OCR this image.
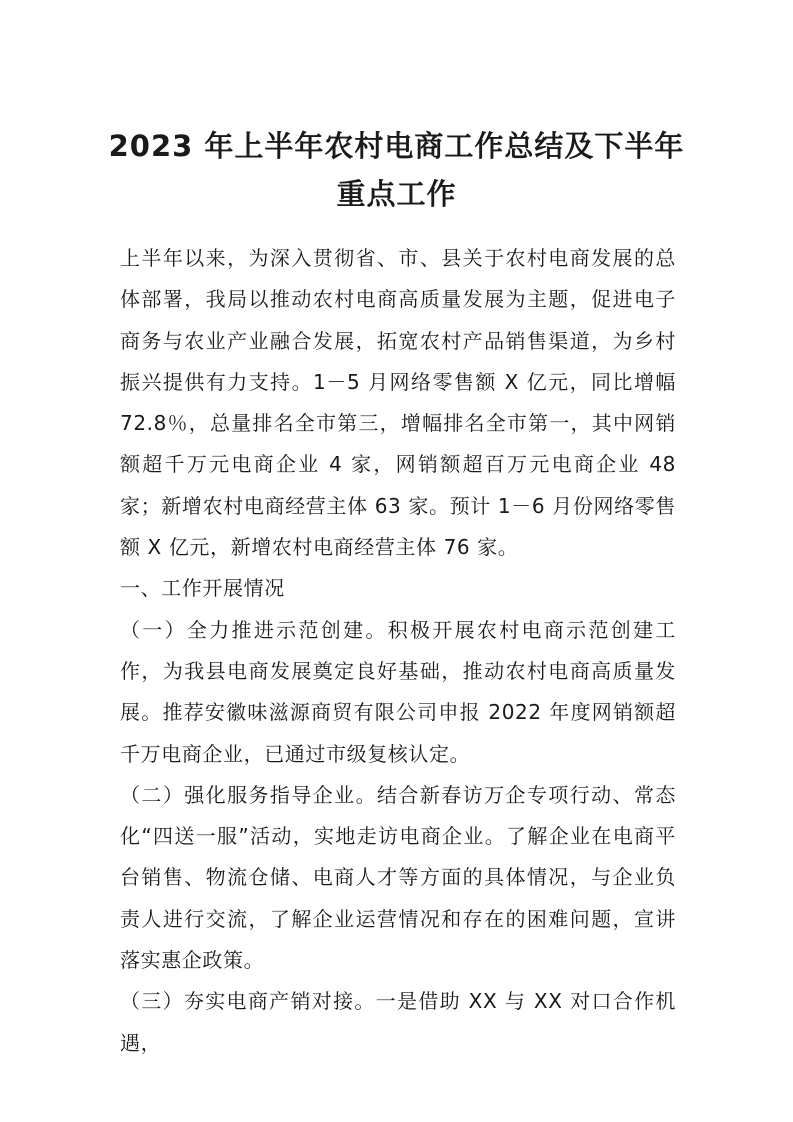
2023 年上半年农村电商工作总结及下半年
重点工作

上半年以来，为深入贯彻省、市、县关于农村电商发展的总体部署，我局以推动农村电商高质量发展为主题，促进电子商务与农业产业融合发展，拓宽农村产品销售渠道，为乡村振兴提供有力支持。1－5 月网络零售额 X 亿元，同比增幅 72.8％，总量排名全市第三，增幅排名全市第一，其中网销额超千万元电商企业 4 家，网销额超百万元电商企业 48 家；新增农村电商经营主体 63 家。预计 1－6 月份网络零售额 X 亿元，新增农村电商经营主体 76 家。

一、工作开展情况

（一）全力推进示范创建。积极开展农村电商示范创建工作，为我县电商发展奠定良好基础，推动农村电商高质量发展。推荐安徽味滋源商贸有限公司申报 2022 年度网销额超千万电商企业，已通过市级复核认定。

（二）强化服务指导企业。结合新春访万企专项行动、常态化“四送一服”活动，实地走访电商企业。了解企业在电商平台销售、物流仓储、电商人才等方面的具体情况，与企业负责人进行交流，了解企业运营情况和存在的困难问题，宣讲落实惠企政策。

（三）夯实电商产销对接。一是借助 XX 与 XX 对口合作机遇，
